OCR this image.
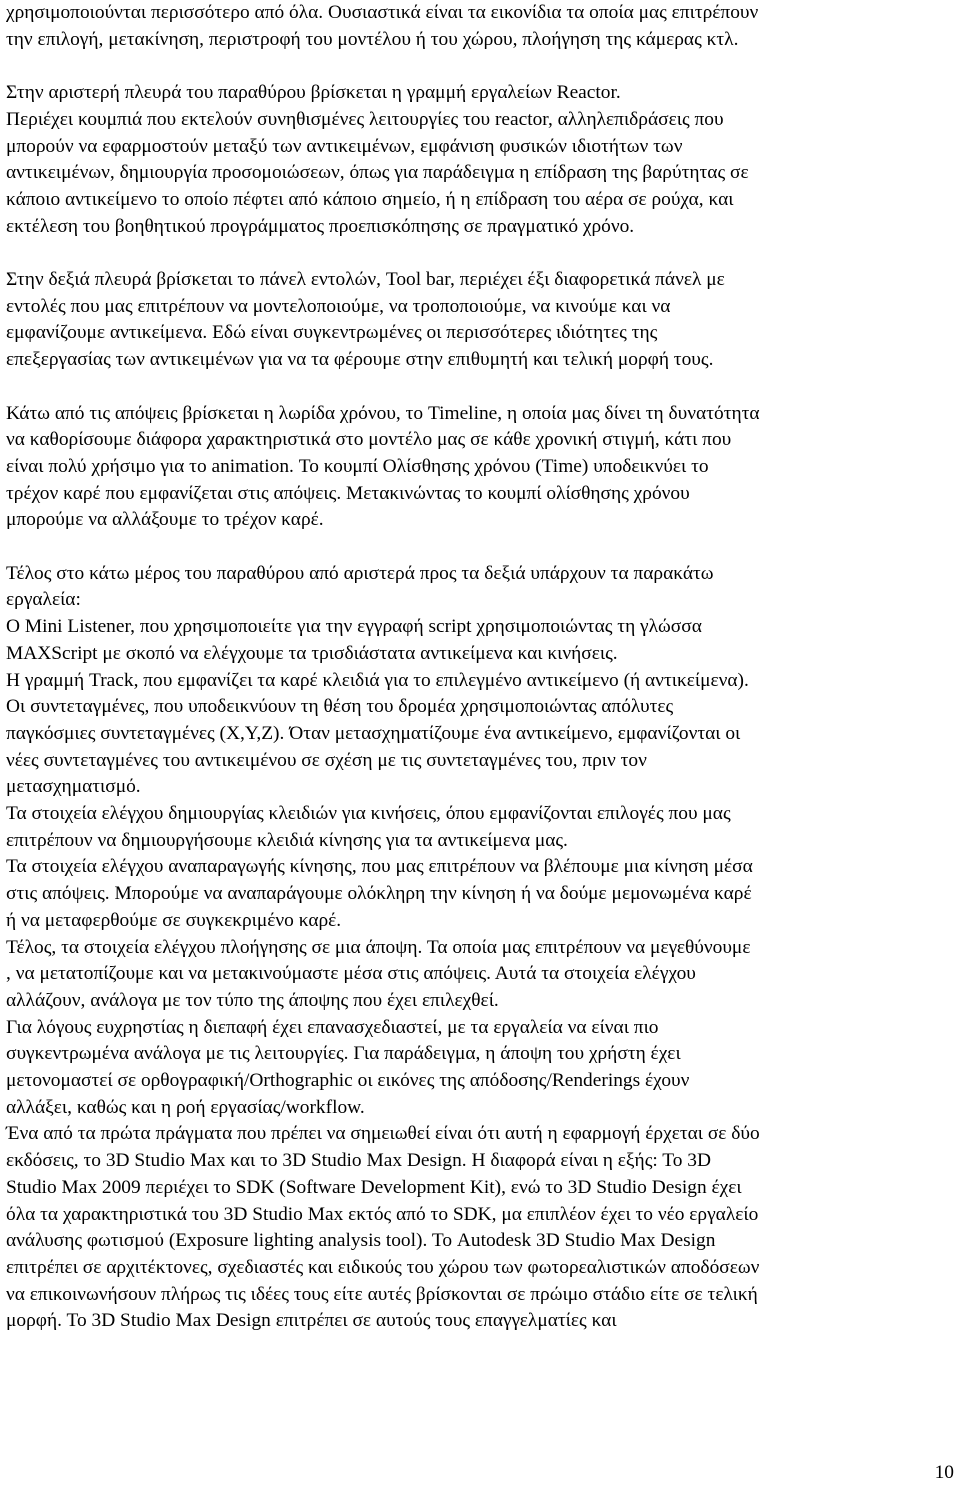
χρησιμοποιούνται περισσότερο από όλα. Ουσιαστικά είναι τα εικονίδια τα οποία μας επιτρέπουν
την επιλογή, μετακίνηση, περιστροφή του μοντέλου ή του χώρου, πλοήγηση της κάμερας κτλ.
Στην αριστερή πλευρά του παραθύρου βρίσκεται η γραμμή εργαλείων Reactor.
Περιέχει κουμπιά που εκτελούν συνηθισμένες λειτουργίες του reactor, αλληλεπιδράσεις που
μπορούν να εφαρμοστούν μεταξύ των αντικειμένων, εμφάνιση φυσικών ιδιοτήτων των
αντικειμένων, δημιουργία προσομοιώσεων, όπως για παράδειγμα η επίδραση της βαρύτητας σε
κάποιο αντικείμενο το οποίο πέφτει από κάποιο σημείο, ή η επίδραση του αέρα σε ρούχα, και
εκτέλεση του βοηθητικού προγράμματος προεπισκόπησης σε πραγματικό χρόνο.
Στην δεξιά πλευρά βρίσκεται το πάνελ εντολών, Tool bar, περιέχει έξι διαφορετικά πάνελ με
εντολές που μας επιτρέπουν να μοντελοποιούμε, να τροποποιούμε, να κινούμε και να
εμφανίζουμε αντικείμενα. Εδώ είναι συγκεντρωμένες οι περισσότερες ιδιότητες της
επεξεργασίας των αντικειμένων για να τα φέρουμε στην επιθυμητή και τελική μορφή τους.
Κάτω από τις απόψεις βρίσκεται η λωρίδα χρόνου, το Timeline, η οποία μας δίνει τη δυνατότητα
να καθορίσουμε διάφορα χαρακτηριστικά στο μοντέλο μας σε κάθε χρονική στιγμή, κάτι που
είναι πολύ χρήσιμο για το animation. Το κουμπί Ολίσθησης χρόνου (Time) υποδεικνύει το
τρέχον καρέ που εμφανίζεται στις απόψεις. Μετακινώντας το κουμπί ολίσθησης χρόνου
μπορούμε να αλλάξουμε το τρέχον καρέ.
Τέλος στο κάτω μέρος του παραθύρου από αριστερά προς τα δεξιά υπάρχουν τα παρακάτω
εργαλεία:
Ο Mini Listener, που χρησιμοποιείτε για την εγγραφή script χρησιμοποιώντας τη γλώσσα
MAXScript με σκοπό να ελέγχουμε τα τρισδιάστατα αντικείμενα και κινήσεις.
Η γραμμή Track, που εμφανίζει τα καρέ κλειδιά για το επιλεγμένο αντικείμενο (ή αντικείμενα).
Οι συντεταγμένες, που υποδεικνύουν τη θέση του δρομέα χρησιμοποιώντας απόλυτες
παγκόσμιες συντεταγμένες (X,Y,Z). Όταν μετασχηματίζουμε ένα αντικείμενο, εμφανίζονται οι
νέες συντεταγμένες του αντικειμένου σε σχέση με τις συντεταγμένες του, πριν τον
μετασχηματισμό.
Τα στοιχεία ελέγχου δημιουργίας κλειδιών για κινήσεις, όπου εμφανίζονται επιλογές που μας
επιτρέπουν να δημιουργήσουμε κλειδιά κίνησης για τα αντικείμενα μας.
Τα στοιχεία ελέγχου αναπαραγωγής κίνησης, που μας επιτρέπουν να βλέπουμε μια κίνηση μέσα
στις απόψεις. Μπορούμε να αναπαράγουμε ολόκληρη την κίνηση ή να δούμε μεμονωμένα καρέ
ή να μεταφερθούμε σε συγκεκριμένο καρέ.
Τέλος, τα στοιχεία ελέγχου πλοήγησης σε μια άποψη. Τα οποία μας επιτρέπουν να μεγεθύνουμε
, να μετατοπίζουμε και να μετακινούμαστε μέσα στις απόψεις. Αυτά τα στοιχεία ελέγχου
αλλάζουν, ανάλογα με τον τύπο της άποψης που έχει επιλεχθεί.
Για λόγους ευχρηστίας η διεπαφή έχει επανασχεδιαστεί, με τα εργαλεία να είναι πιο
συγκεντρωμένα ανάλογα με τις λειτουργίες. Για παράδειγμα, η άποψη του χρήστη έχει
μετονομαστεί σε ορθογραφική/Orthographic οι εικόνες της απόδοσης/Renderings έχουν
αλλάξει, καθώς και η ροή εργασίας/workflow.
Ένα από τα πρώτα πράγματα που πρέπει να σημειωθεί είναι ότι αυτή η εφαρμογή έρχεται σε δύο
εκδόσεις, το 3D Studio Max και το 3D Studio Max Design. Η διαφορά είναι η εξής: Το 3D
Studio Max 2009 περιέχει το SDK (Software Development Kit), ενώ το 3D Studio Design έχει
όλα τα χαρακτηριστικά του 3D Studio Max εκτός από το SDK, μα επιπλέον έχει το νέο εργαλείο
ανάλυσης φωτισμού (Exposure lighting analysis tool). Το Autodesk 3D Studio Max Design
επιτρέπει σε αρχιτέκτονες, σχεδιαστές και ειδικούς του χώρου των φωτορεαλιστικών αποδόσεων
να επικοινωνήσουν πλήρως τις ιδέες τους είτε αυτές βρίσκονται σε πρώιμο στάδιο είτε σε τελική
μορφή. Το 3D Studio Max Design επιτρέπει σε αυτούς τους επαγγελματίες και
10
